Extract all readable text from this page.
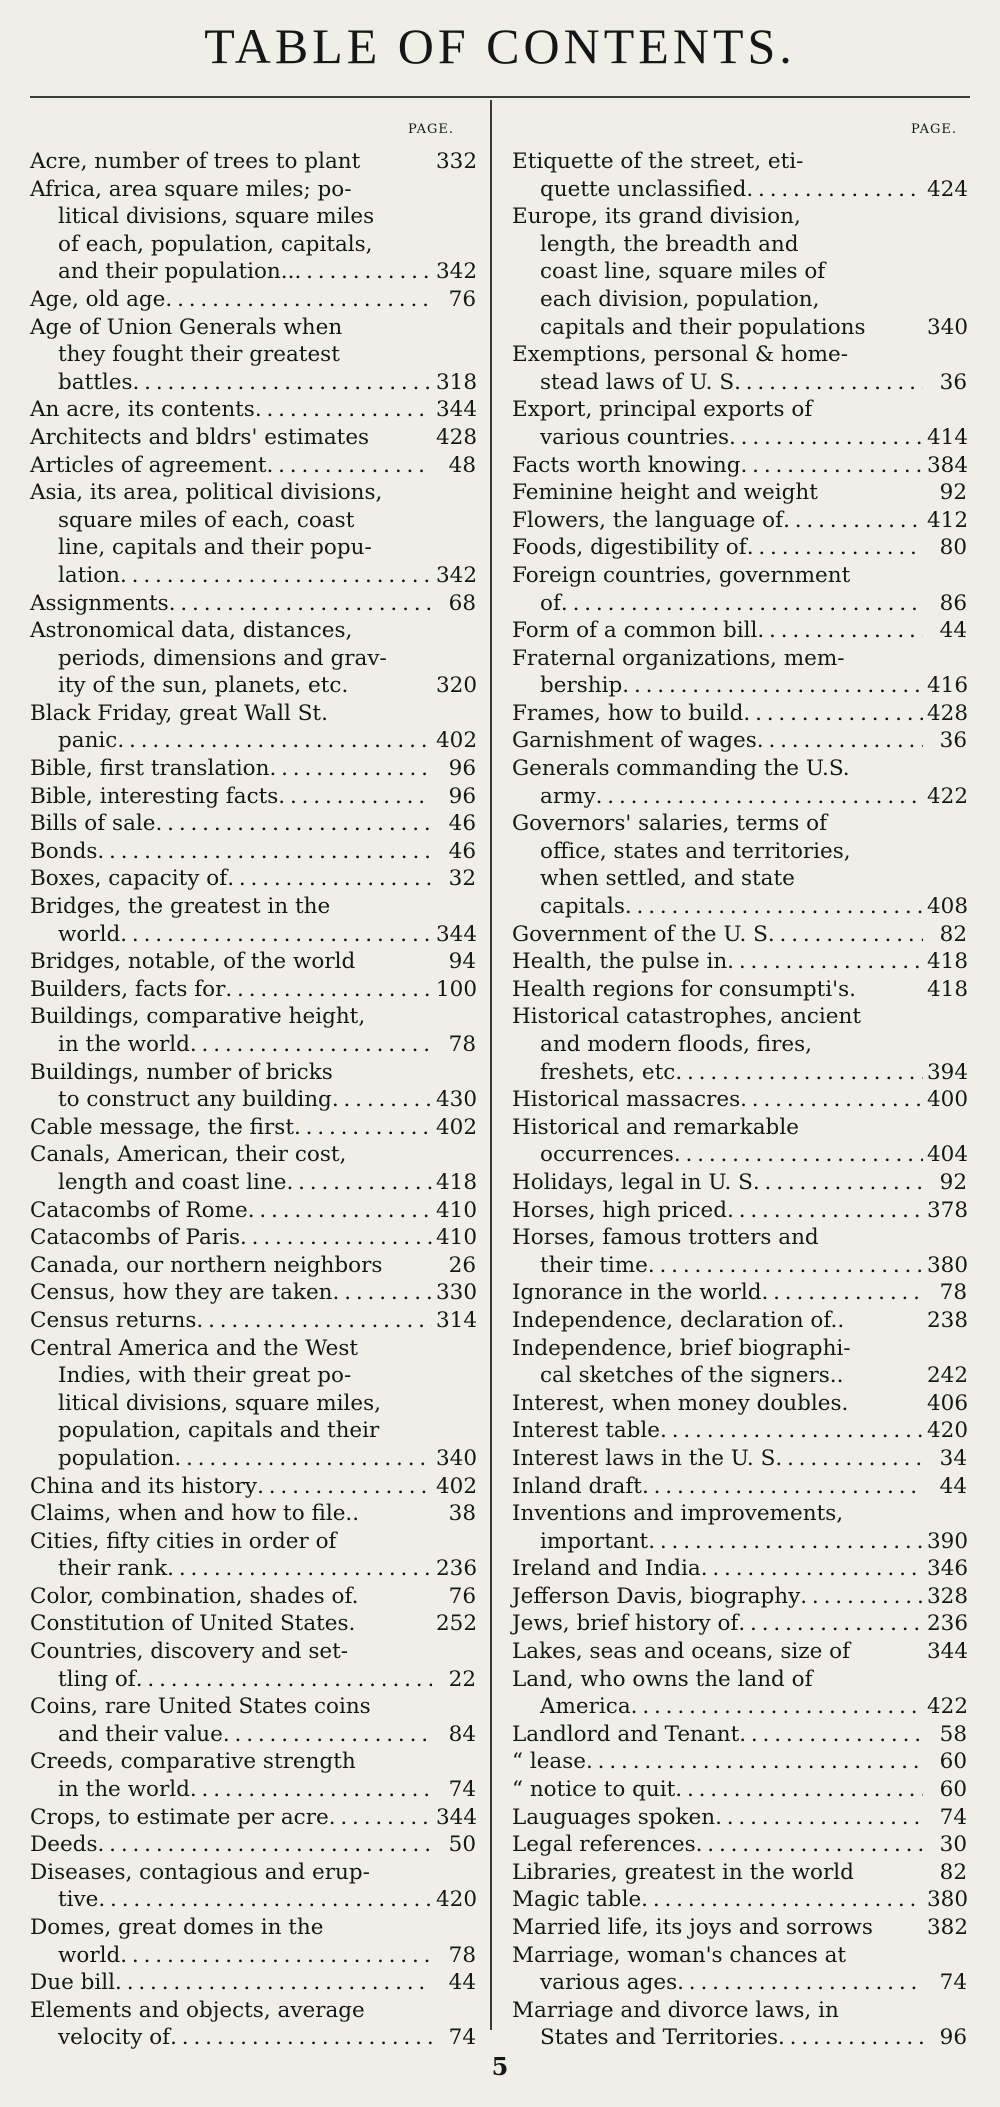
TABLE OF CONTENTS.
PAGE.
Acre, number of trees to plant	332
Africa, area square miles; po-
litical divisions, square miles
of each, population, capitals,
and their population.. . . .	342
Age, old age . . .	76
Age of Union Generals when
they fought their greatest
battles . . .	318
An acre, its contents . . .	344
Architects and bldrs' estimates	428
Articles of agreement . . .	48
Asia, its area, political divisions,
square miles of each, coast
line, capitals and their popu-
lation . . .	342
Assignments . . .	68
Astronomical data, distances,
periods, dimensions and grav-
ity of the sun, planets, etc.	320
Black Friday, great Wall St.
panic . . .	402
Bible, first translation . . .	96
Bible, interesting facts . . .	96
Bills of sale . . .	46
Bonds . . .	46
Boxes, capacity of . . .	32
Bridges, the greatest in the
world . . .	344
Bridges, notable, of the world	94
Builders, facts for . . .	100
Buildings, comparative height,
in the world . . .	78
Buildings, number of bricks
to construct any building . . .	430
Cable message, the first . . .	402
Canals, American, their cost,
length and coast line . . .	418
Catacombs of Rome . . .	410
Catacombs of Paris . . .	410
Canada, our northern neighbors	26
Census, how they are taken . . .	330
Census returns . . .	314
Central America and the West
Indies, with their great po-
litical divisions, square miles,
population, capitals and their
population . . .	340
China and its history . . .	402
Claims, when and how to file..	38
Cities, fifty cities in order of
their rank . . .	236
Color, combination, shades of.	76
Constitution of United States.	252
Countries, discovery and set-
tling of . . .	22
Coins, rare United States coins
and their value . . .	84
Creeds, comparative strength
in the world . . .	74
Crops, to estimate per acre . . .	344
Deeds . . .	50
Diseases, contagious and erup-
tive . . .	420
Domes, great domes in the
world . . .	78
Due bill . . .	44
Elements and objects, average
velocity of . . .	74
PAGE.
Etiquette of the street, eti-
quette unclassified . . .	424
Europe, its grand division,
length, the breadth and
coast line, square miles of
each division, population,
capitals and their populations	340
Exemptions, personal & home-
stead laws of U. S . . .	36
Export, principal exports of
various countries . . .	414
Facts worth knowing . . .	384
Feminine height and weight	92
Flowers, the language of . . .	412
Foods, digestibility of . . .	80
Foreign countries, government
of . . .	86
Form of a common bill . . .	44
Fraternal organizations, mem-
bership . . .	416
Frames, how to build . . .	428
Garnishment of wages . . .	36
Generals commanding the U.S.
army . . .	422
Governors' salaries, terms of
office, states and territories,
when settled, and state
capitals . . .	408
Government of the U. S . . .	82
Health, the pulse in . . .	418
Health regions for consumpti's.	418
Historical catastrophes, ancient
and modern floods, fires,
freshets, etc . . .	394
Historical massacres . . .	400
Historical and remarkable
occurrences . . .	404
Holidays, legal in U. S . . .	92
Horses, high priced . . .	378
Horses, famous trotters and
their time . . .	380
Ignorance in the world . . .	78
Independence, declaration of..	238
Independence, brief biographi-
cal sketches of the signers..	242
Interest, when money doubles.	406
Interest table . . .	420
Interest laws in the U. S . . .	34
Inland draft . . .	44
Inventions and improvements,
important . . .	390
Ireland and India . . .	346
Jefferson Davis, biography . . .	328
Jews, brief history of . . .	236
Lakes, seas and oceans, size of	344
Land, who owns the land of
America . . .	422
Landlord and Tenant . . .	58
“ lease . . .	60
“ notice to quit . . .	60
Lauguages spoken . . .	74
Legal references . . .	30
Libraries, greatest in the world	82
Magic table . . .	380
Married life, its joys and sorrows	382
Marriage, woman's chances at
various ages . . .	74
Marriage and divorce laws, in
States and Territories . . .	96
5
